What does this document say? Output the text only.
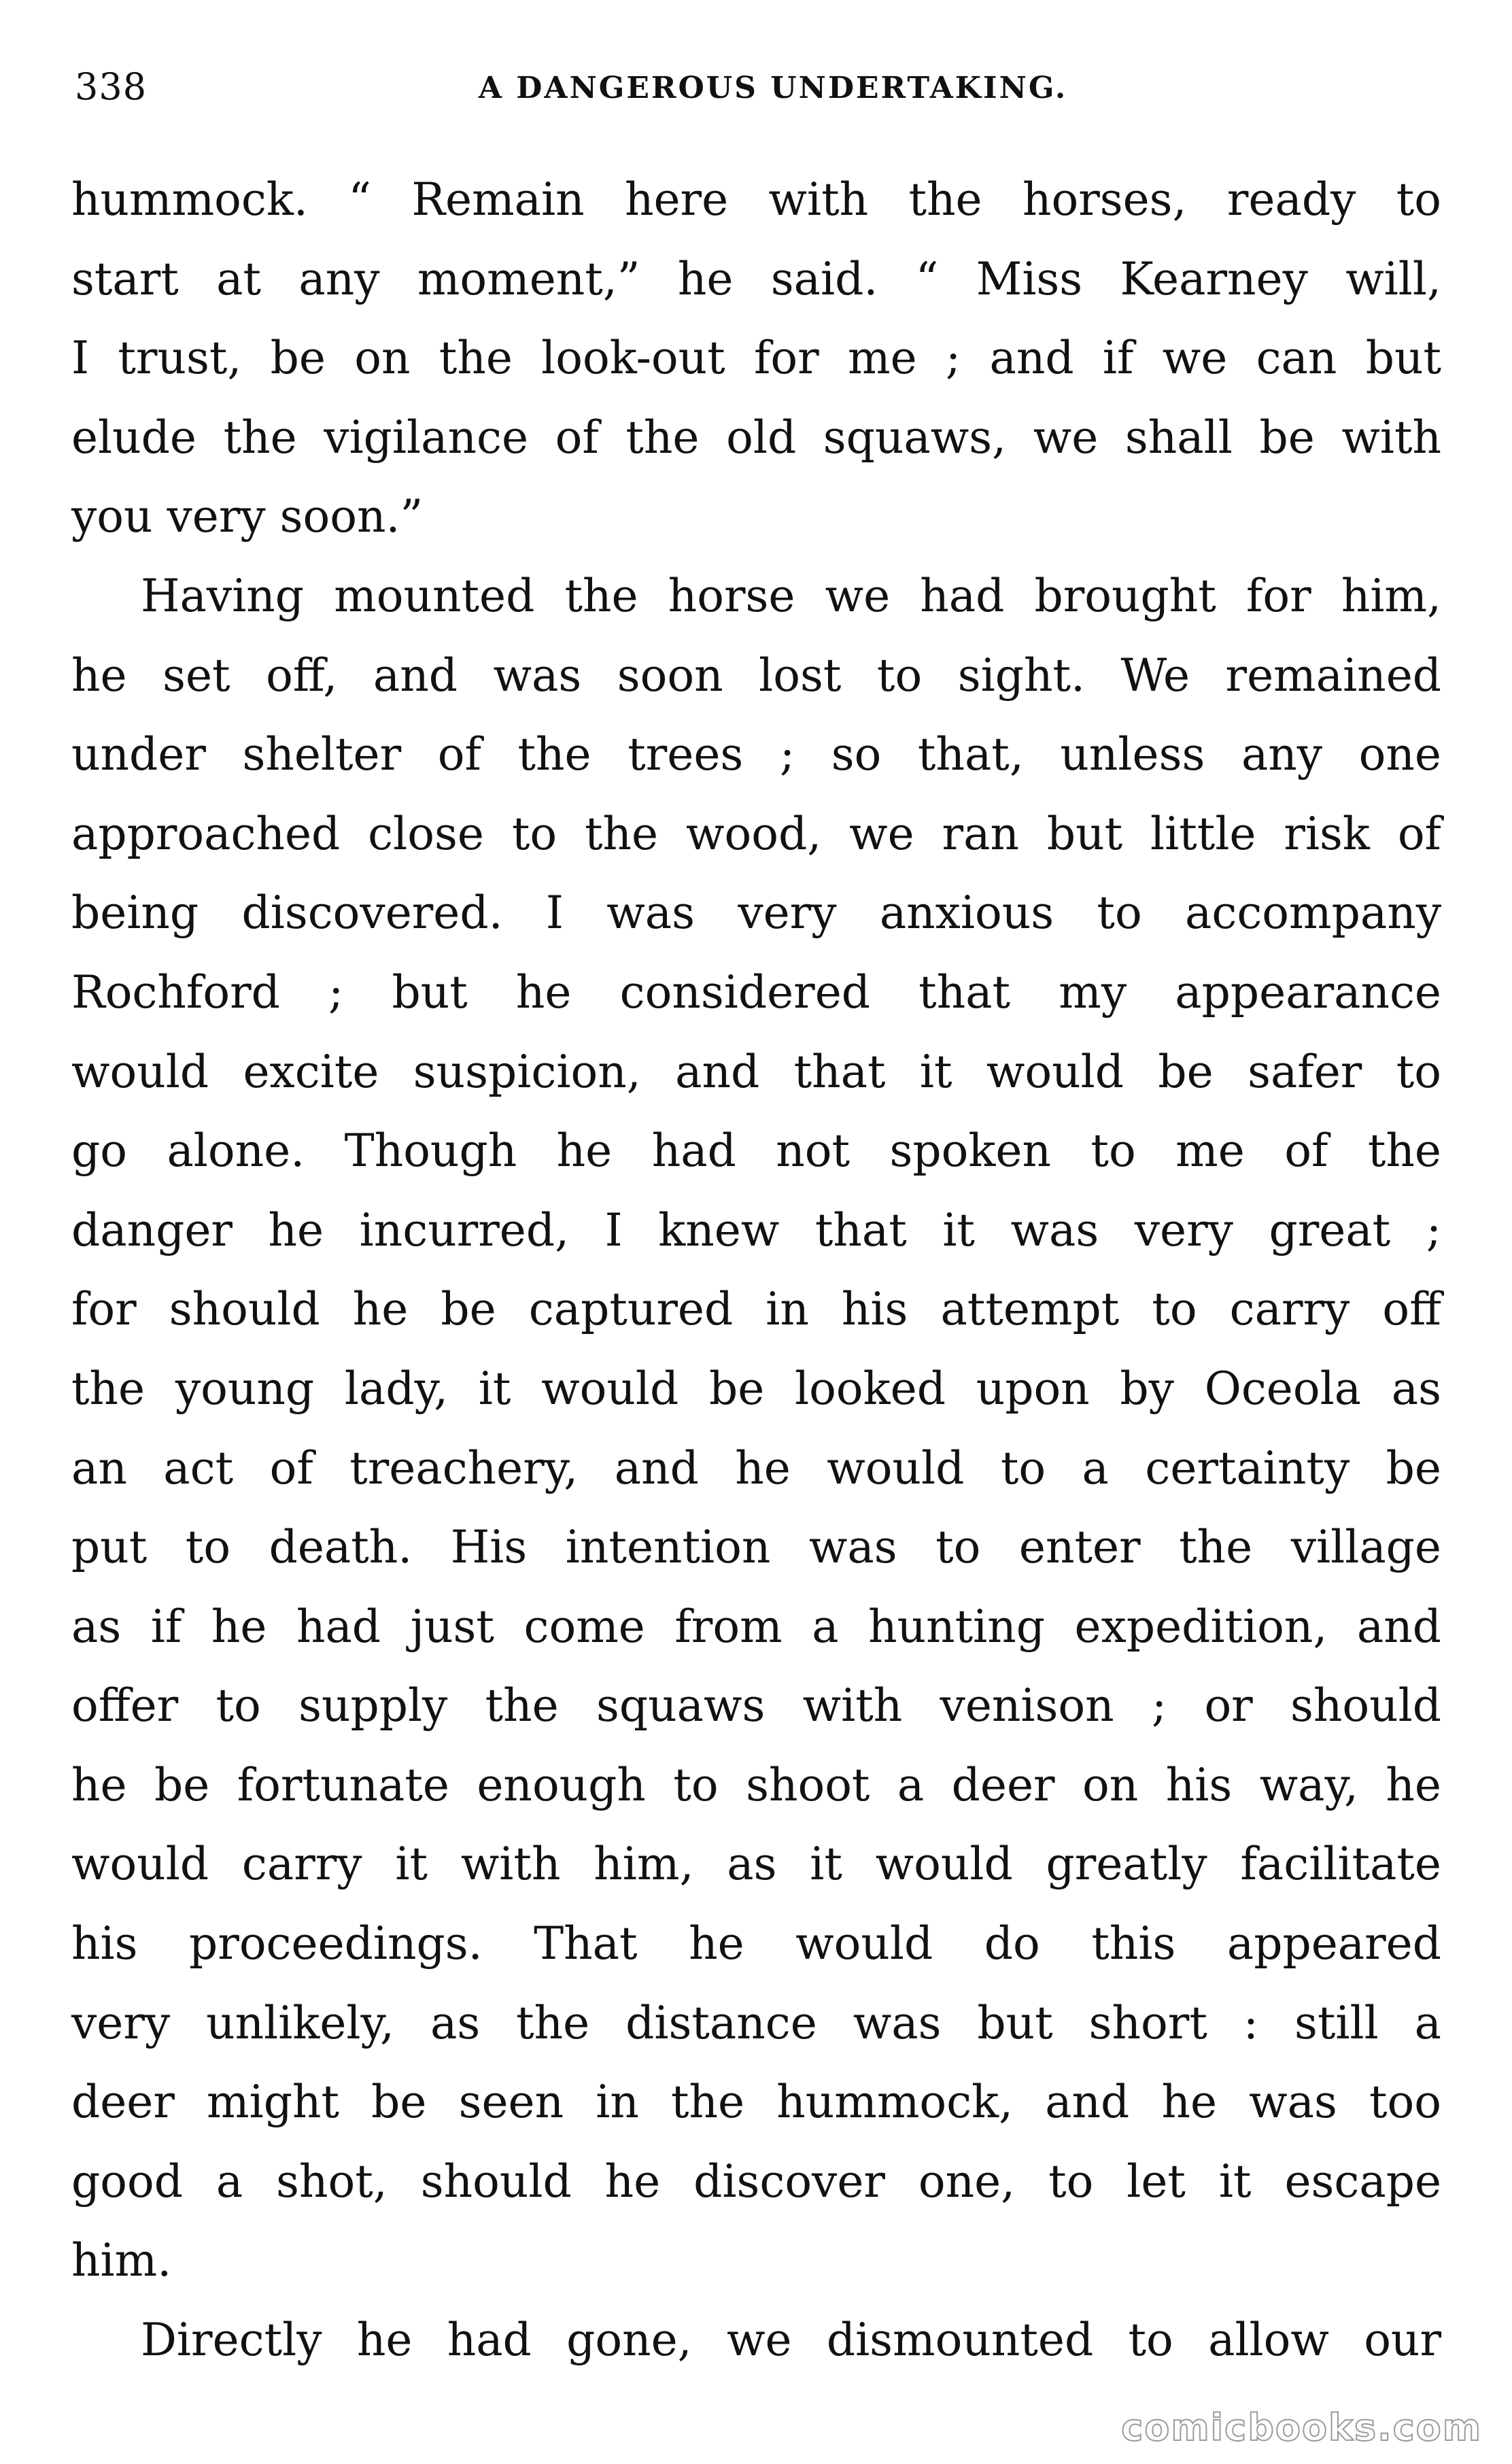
338	A DANGEROUS UNDERTAKING.
hummock. “ Remain here with the horses, ready to
start at any moment,” he said. “ Miss Kearney will,
I trust, be on the look-out for me ; and if we can but
elude the vigilance of the old squaws, we shall be with
you very soon.”
Having mounted the horse we had brought for him,
he set off, and was soon lost to sight. We remained
under shelter of the trees ; so that, unless any one
approached close to the wood, we ran but little risk of
being discovered. I was very anxious to accompany
Rochford ; but he considered that my appearance
would excite suspicion, and that it would be safer to
go alone. Though he had not spoken to me of the
danger he incurred, I knew that it was very great ;
for should he be captured in his attempt to carry off
the young lady, it would be looked upon by Oceola as
an act of treachery, and he would to a certainty be
put to death. His intention was to enter the village
as if he had just come from a hunting expedition, and
offer to supply the squaws with venison ; or should
he be fortunate enough to shoot a deer on his way, he
would carry it with him, as it would greatly facilitate
his proceedings. That he would do this appeared
very unlikely, as the distance was but short : still a
deer might be seen in the hummock, and he was too
good a shot, should he discover one, to let it escape
him.
Directly he had gone, we dismounted to allow our
comicbooks.com
